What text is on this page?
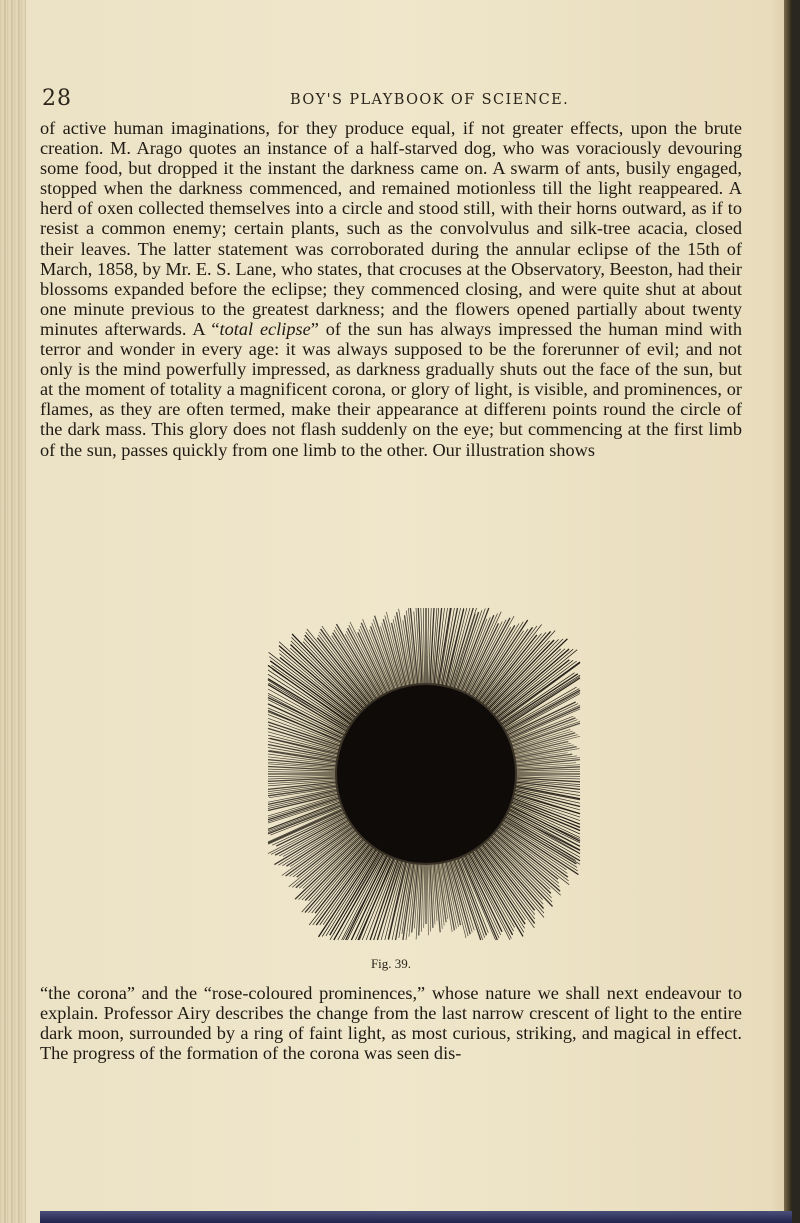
28	BOY'S PLAYBOOK OF SCIENCE.

of active human imaginations, for they produce equal, if not greater effects, upon the brute creation. M. Arago quotes an instance of a half-starved dog, who was voraciously devouring some food, but dropped it the instant the darkness came on. A swarm of ants, busily engaged, stopped when the darkness commenced, and remained motionless till the light reappeared. A herd of oxen collected themselves into a circle and stood still, with their horns outward, as if to resist a common enemy; certain plants, such as the convolvulus and silk-tree acacia, closed their leaves. The latter statement was corroborated during the annular eclipse of the 15th of March, 1858, by Mr. E. S. Lane, who states, that crocuses at the Observatory, Beeston, had their blossoms expanded before the eclipse; they commenced closing, and were quite shut at about one minute previous to the greatest darkness; and the flowers opened partially about twenty minutes afterwards. A “total eclipse” of the sun has always impressed the human mind with terror and wonder in every age: it was always supposed to be the forerunner of evil; and not only is the mind powerfully impressed, as darkness gradually shuts out the face of the sun, but at the moment of totality a magnificent corona, or glory of light, is visible, and prominences, or flames, as they are often termed, make their appearance at differenı points round the circle of the dark mass. This glory does not flash suddenly on the eye; but commencing at the first limb of the sun, passes quickly from one limb to the other. Our illustration shows

Fig. 39.

“the corona” and the “rose-coloured prominences,” whose nature we shall next endeavour to explain. Professor Airy describes the change from the last narrow crescent of light to the entire dark moon, surrounded by a ring of faint light, as most curious, striking, and magical in effect. The progress of the formation of the corona was seen dis-
